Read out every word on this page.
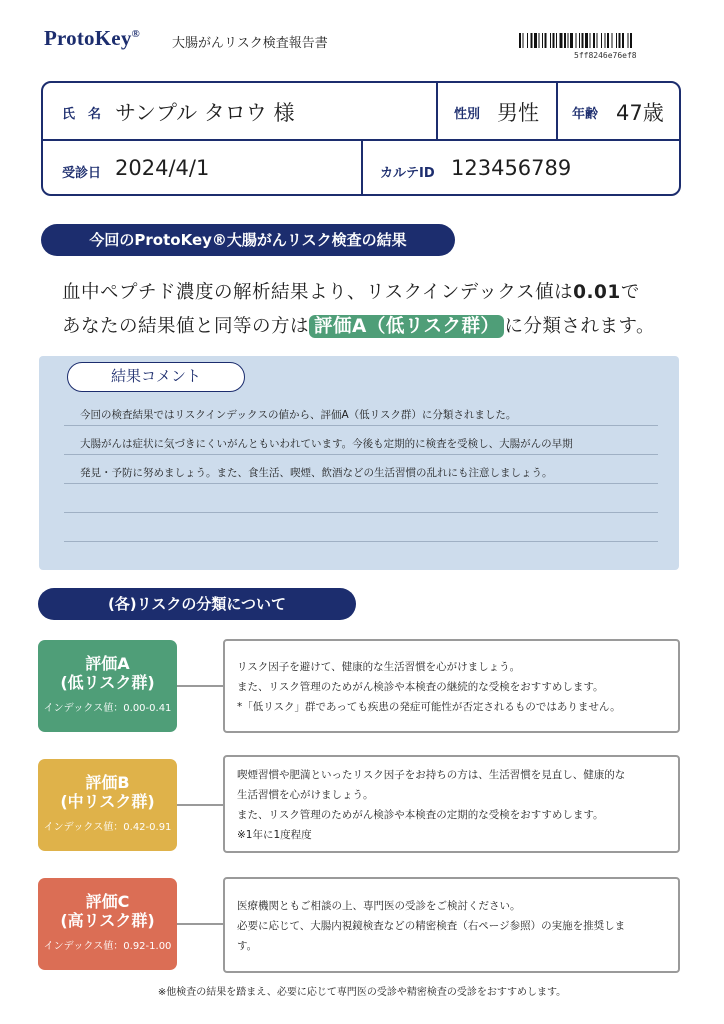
ProtoKey®
大腸がんリスク検査報告書
5ff8246e76ef8
氏　名 サンプル タロウ 様	性別 男性	年齢 47歳
受診日 2024/4/1	カルテID 123456789
今回のProtoKey®大腸がんリスク検査の結果
血中ペプチド濃度の解析結果より、リスクインデックス値は0.01で
あなたの結果値と同等の方は 評価A（低リスク群） に分類されます。
結果コメント
今回の検査結果ではリスクインデックスの値から、評価A（低リスク群）に分類されました。
大腸がんは症状に気づきにくいがんともいわれています。今後も定期的に検査を受検し、大腸がんの早期
発見・予防に努めましょう。また、食生活、喫煙、飲酒などの生活習慣の乱れにも注意しましょう。
(各)リスクの分類について
評価A
(低リスク群)
インデックス値：0.00-0.41
リスク因子を避けて、健康的な生活習慣を心がけましょう。
また、リスク管理のためがん検診や本検査の継続的な受検をおすすめします。
*「低リスク」群であっても疾患の発症可能性が否定されるものではありません。
評価B
(中リスク群)
インデックス値：0.42-0.91
喫煙習慣や肥満といったリスク因子をお持ちの方は、生活習慣を見直し、健康的な
生活習慣を心がけましょう。
また、リスク管理のためがん検診や本検査の定期的な受検をおすすめします。
※1年に1度程度
評価C
(高リスク群)
インデックス値：0.92-1.00
医療機関ともご相談の上、専門医の受診をご検討ください。
必要に応じて、大腸内視鏡検査などの精密検査（右ページ参照）の実施を推奨しま
す。
※他検査の結果を踏まえ、必要に応じて専門医の受診や精密検査の受診をおすすめします。
